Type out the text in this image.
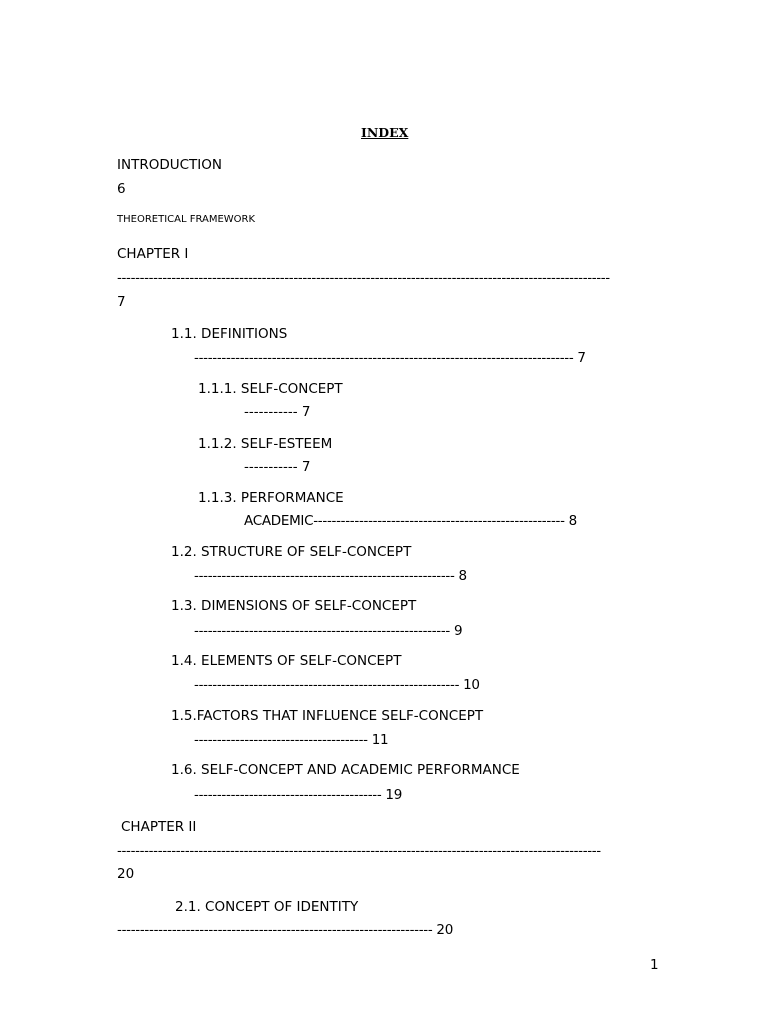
INDEX
INTRODUCTION
6
THEORETICAL FRAMEWORK
CHAPTER I
-------------------------------------------------------------------------------------------------------------
7
1.1. DEFINITIONS
----------------------------------------------------------------------------------- 7
1.1.1. SELF-CONCEPT
----------- 7
1.1.2. SELF-ESTEEM
----------- 7
1.1.3. PERFORMANCE
ACADEMIC------------------------------------------------------- 8
1.2. STRUCTURE OF SELF-CONCEPT
--------------------------------------------------------- 8
1.3. DIMENSIONS OF SELF-CONCEPT
-------------------------------------------------------- 9
1.4. ELEMENTS OF SELF-CONCEPT
---------------------------------------------------------- 10
1.5.FACTORS THAT INFLUENCE SELF-CONCEPT
-------------------------------------- 11
1.6. SELF-CONCEPT AND ACADEMIC PERFORMANCE
----------------------------------------- 19
CHAPTER II
-----------------------------------------------------------------------------------------------------------
20
2.1. CONCEPT OF IDENTITY
--------------------------------------------------------------------- 20
1
